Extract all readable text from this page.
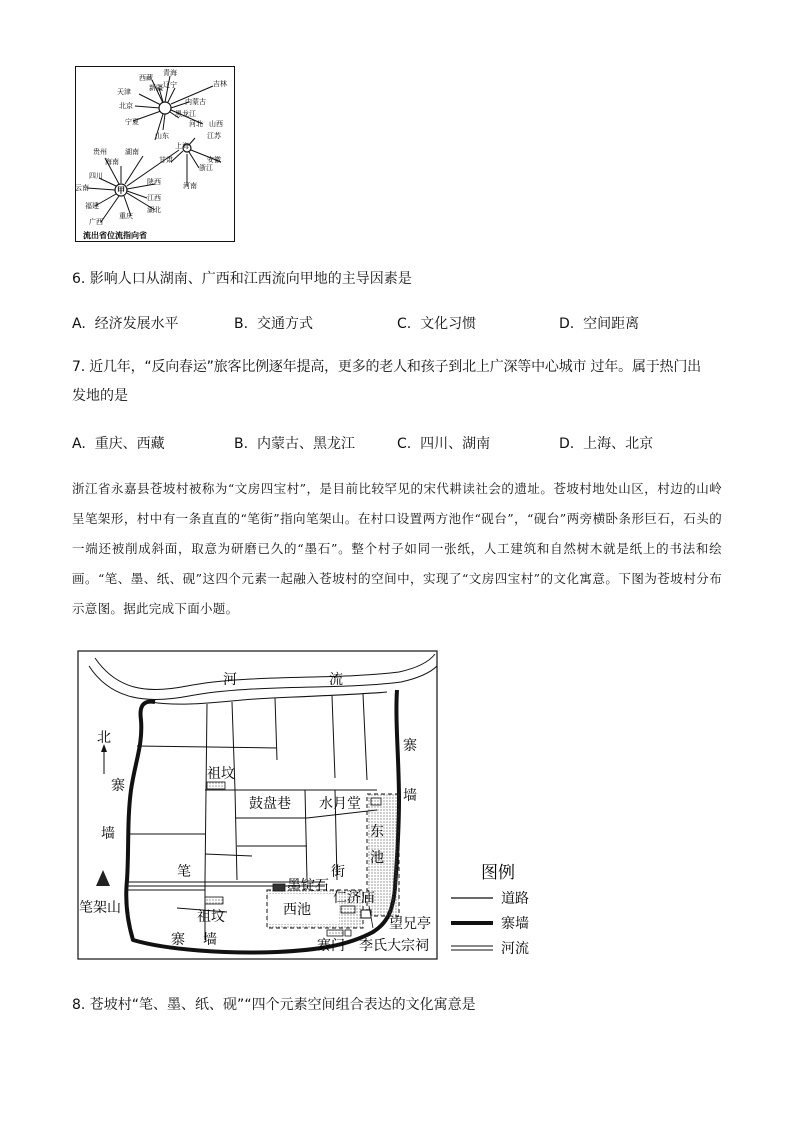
甲
青海
西藏
辽宁	吉林
天津	新疆
内蒙古
北京
黑龙江
山西
宁夏	河北
山东	江苏
上海
安徽
甘肃
浙江
河南
贵州	湖南
海南
四川
云南
福建
广西
重庆
陕西
湖北
江西
流出省位流指向省
6. 影响人口从湖南、广西和江西流向甲地的主导因素是
A. 经济发展水平	B. 交通方式	C. 文化习惯	D. 空间距离
7. 近几年，“反向春运”旅客比例逐年提高，更多的老人和孩子到北上广深等中心城市 过年。属于热门出
发地的是
A. 重庆、西藏	B. 内蒙古、黑龙江	C. 四川、湖南	D. 上海、北京
浙江省永嘉县苍坡村被称为“文房四宝村”，是目前比较罕见的宋代耕读社会的遗址。苍坡村地处山区，村边的山岭呈笔架形，村中有一条直直的“笔街”指向笔架山。在村口设置两方池作“砚台”，“砚台”两旁横卧条形巨石，石头的一端还被削成斜面，取意为研磨已久的“墨石”。整个村子如同一张纸，人工建筑和自然树木就是纸上的书法和绘画。“笔、墨、纸、砚”这四个元素一起融入苍坡村的空间中，实现了“文房四宝村”的文化寓意。下图为苍坡村分布示意图。据此完成下面小题。
河	流
北
寨
墙
寨
墙
寨 墙
祖坟
祖坟
鼓盘巷 水月堂
东
池
笔	街
墨锭石
仁济庙
西池
笔架山
望兄亭
寨门 李氏大宗祠
图例
道路
寨墙
河流
8. 苍坡村“笔、墨、纸、砚”“四个元素空间组合表达的文化寓意是
